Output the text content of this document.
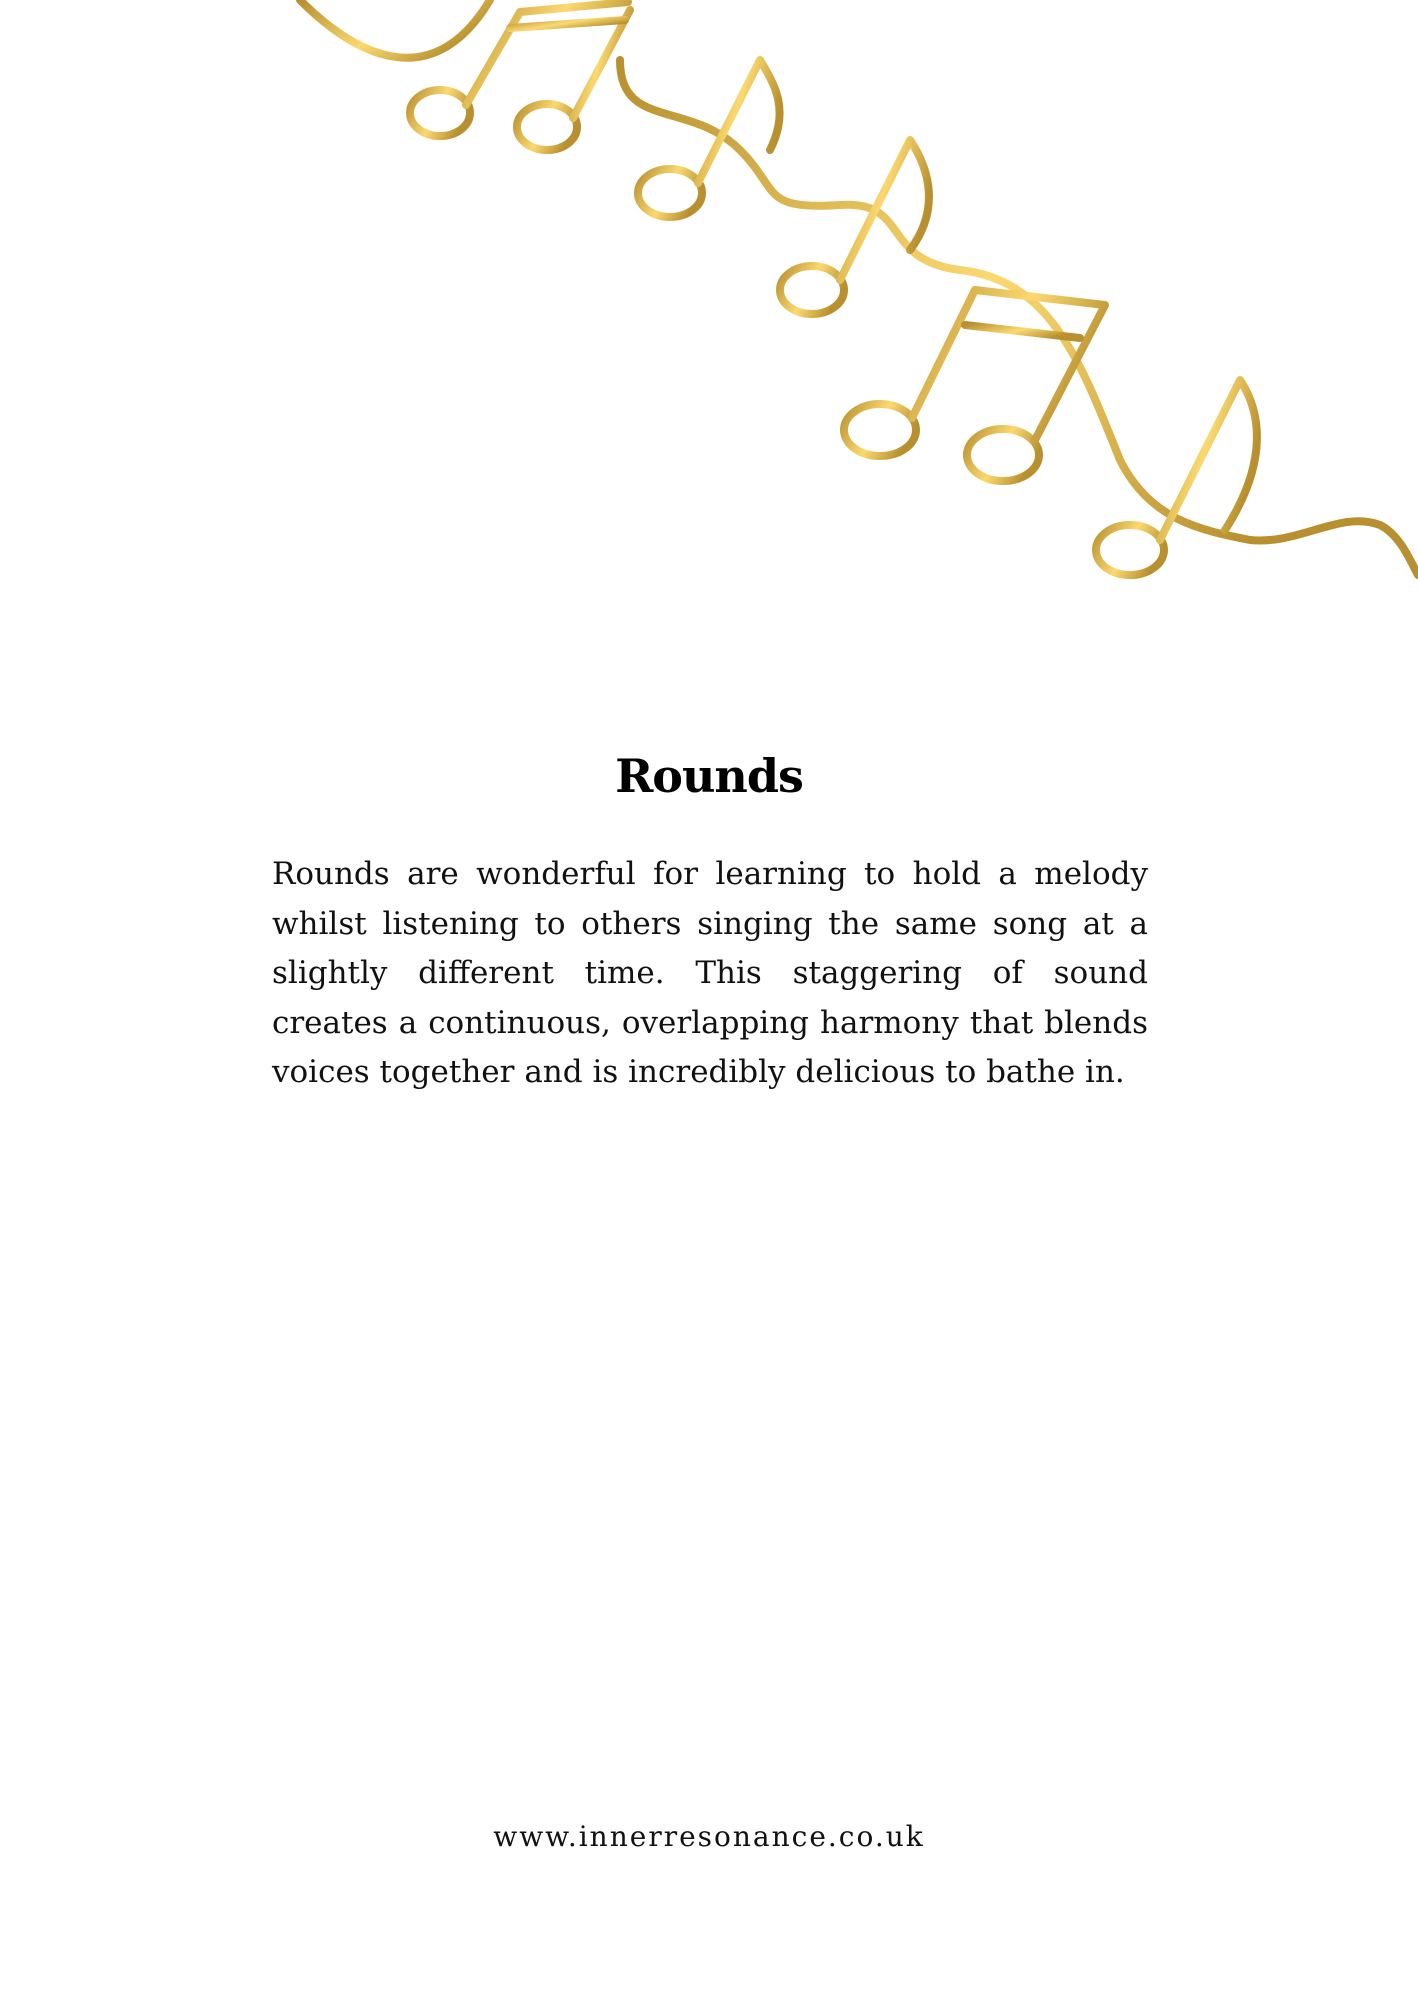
Rounds

Rounds are wonderful for learning to hold a melody whilst listening to others singing the same song at a slightly different time. This staggering of sound creates a continuous, overlapping harmony that blends voices together and is incredibly delicious to bathe in.

www.innerresonance.co.uk
